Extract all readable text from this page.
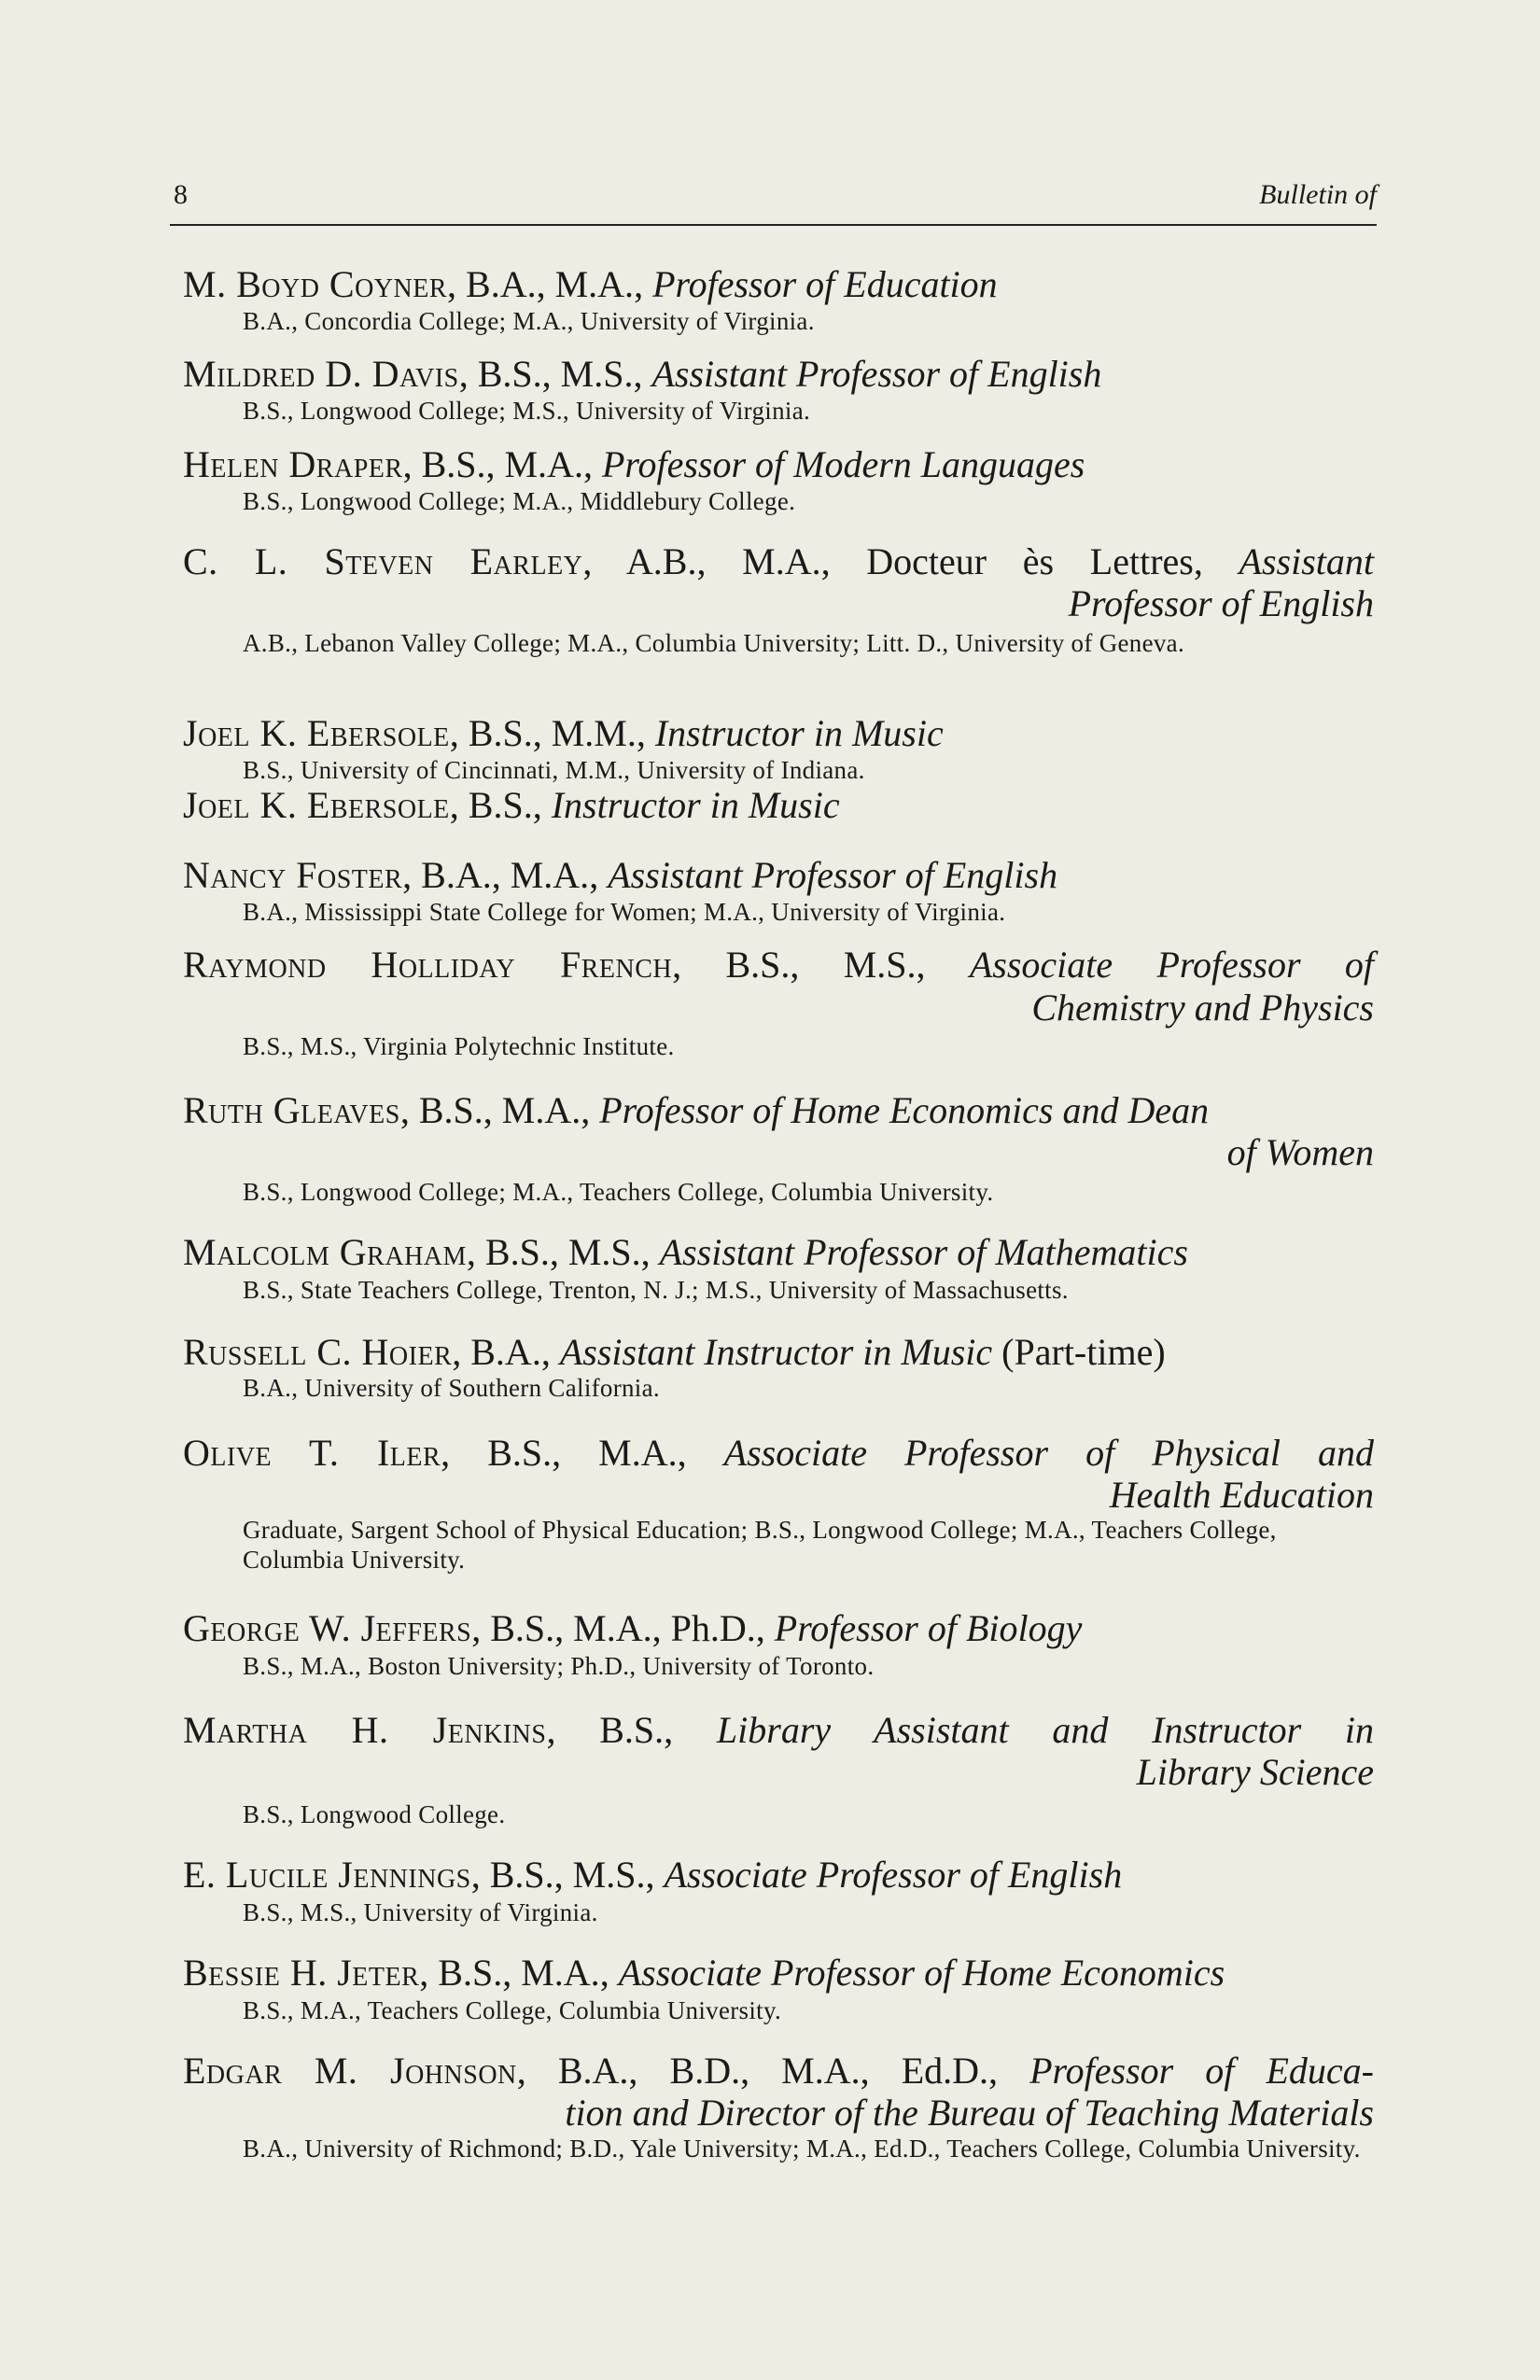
8	Bulletin of
M. Boyd Coyner, B.A., M.A., Professor of Education
B.A., Concordia College; M.A., University of Virginia.
Mildred D. Davis, B.S., M.S., Assistant Professor of English
B.S., Longwood College; M.S., University of Virginia.
Helen Draper, B.S., M.A., Professor of Modern Languages
B.S., Longwood College; M.A., Middlebury College.
C. L. Steven Earley, A.B., M.A., Docteur ès Lettres, Assistant
Professor of English
A.B., Lebanon Valley College; M.A., Columbia University; Litt. D., University of Geneva.
Joel K. Ebersole, B.S., M.M., Instructor in Music
B.S., University of Cincinnati, M.M., University of Indiana.
Joel K. Ebersole, B.S., Instructor in Music
Nancy Foster, B.A., M.A., Assistant Professor of English
B.A., Mississippi State College for Women; M.A., University of Virginia.
Raymond Holliday French, B.S., M.S., Associate Professor of
Chemistry and Physics
B.S., M.S., Virginia Polytechnic Institute.
Ruth Gleaves, B.S., M.A., Professor of Home Economics and Dean
of Women
B.S., Longwood College; M.A., Teachers College, Columbia University.
Malcolm Graham, B.S., M.S., Assistant Professor of Mathematics
B.S., State Teachers College, Trenton, N. J.; M.S., University of Massachusetts.
Russell C. Hoier, B.A., Assistant Instructor in Music (Part-time)
B.A., University of Southern California.
Olive T. Iler, B.S., M.A., Associate Professor of Physical and
Health Education
Graduate, Sargent School of Physical Education; B.S., Longwood College; M.A., Teachers College, Columbia University.
George W. Jeffers, B.S., M.A., Ph.D., Professor of Biology
B.S., M.A., Boston University; Ph.D., University of Toronto.
Martha H. Jenkins, B.S., Library Assistant and Instructor in
Library Science
B.S., Longwood College.
E. Lucile Jennings, B.S., M.S., Associate Professor of English
B.S., M.S., University of Virginia.
Bessie H. Jeter, B.S., M.A., Associate Professor of Home Economics
B.S., M.A., Teachers College, Columbia University.
Edgar M. Johnson, B.A., B.D., M.A., Ed.D., Professor of Educa-
tion and Director of the Bureau of Teaching Materials
B.A., University of Richmond; B.D., Yale University; M.A., Ed.D., Teachers College, Columbia University.
